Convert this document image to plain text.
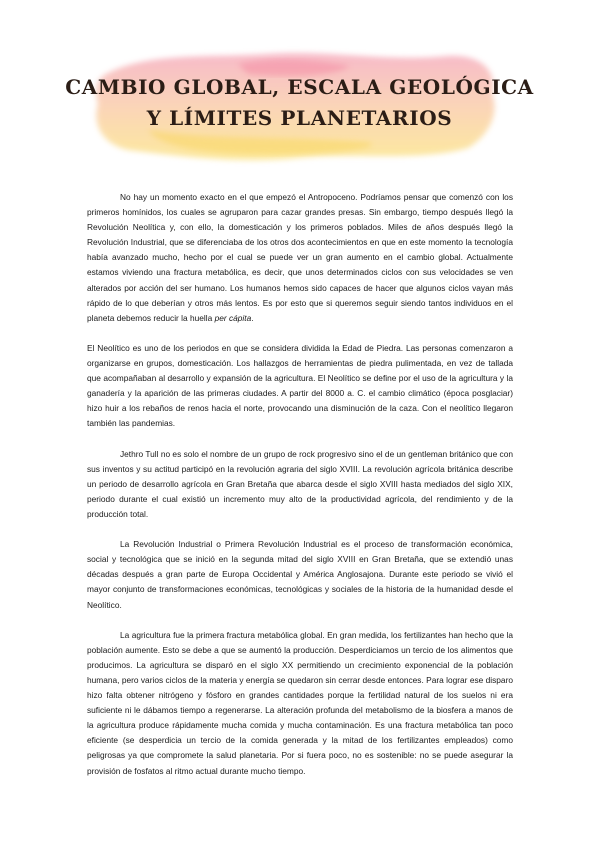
CAMBIO GLOBAL, ESCALA GEOLÓGICA
Y LÍMITES PLANETARIOS

No hay un momento exacto en el que empezó el Antropoceno. Podríamos pensar que comenzó con los primeros homínidos, los cuales se agruparon para cazar grandes presas. Sin embargo, tiempo después llegó la Revolución Neolítica y, con ello, la domesticación y los primeros poblados. Miles de años después llegó la Revolución Industrial, que se diferenciaba de los otros dos acontecimientos en que en este momento la tecnología había avanzado mucho, hecho por el cual se puede ver un gran aumento en el cambio global. Actualmente estamos viviendo una fractura metabólica, es decir, que unos determinados ciclos con sus velocidades se ven alterados por acción del ser humano. Los humanos hemos sido capaces de hacer que algunos ciclos vayan más rápido de lo que deberían y otros más lentos. Es por esto que si queremos seguir siendo tantos individuos en el planeta debemos reducir la huella per cápita.

El Neolítico es uno de los periodos en que se considera dividida la Edad de Piedra. Las personas comenzaron a organizarse en grupos, domesticación. Los hallazgos de herramientas de piedra pulimentada, en vez de tallada que acompañaban al desarrollo y expansión de la agricultura. El Neolítico se define por el uso de la agricultura y la ganadería y la aparición de las primeras ciudades. A partir del 8000 a. C. el cambio climático (época posglaciar) hizo huir a los rebaños de renos hacia el norte, provocando una disminución de la caza. Con el neolítico llegaron también las pandemias.

Jethro Tull no es solo el nombre de un grupo de rock progresivo sino el de un gentleman británico que con sus inventos y su actitud participó en la revolución agraria del siglo XVIII. La revolución agrícola británica describe un periodo de desarrollo agrícola en Gran Bretaña que abarca desde el siglo XVIII hasta mediados del siglo XIX, periodo durante el cual existió un incremento muy alto de la productividad agrícola, del rendimiento y de la producción total.

La Revolución Industrial o Primera Revolución Industrial es el proceso de transformación económica, social y tecnológica que se inició en la segunda mitad del siglo XVIII en Gran Bretaña, que se extendió unas décadas después a gran parte de Europa Occidental y América Anglosajona. Durante este periodo se vivió el mayor conjunto de transformaciones económicas, tecnológicas y sociales de la historia de la humanidad desde el Neolítico.

La agricultura fue la primera fractura metabólica global. En gran medida, los fertilizantes han hecho que la población aumente. Esto se debe a que se aumentó la producción. Desperdiciamos un tercio de los alimentos que producimos. La agricultura se disparó en el siglo XX permitiendo un crecimiento exponencial de la población humana, pero varios ciclos de la materia y energía se quedaron sin cerrar desde entonces. Para lograr ese disparo hizo falta obtener nitrógeno y fósforo en grandes cantidades porque la fertilidad natural de los suelos ni era suficiente ni le dábamos tiempo a regenerarse. La alteración profunda del metabolismo de la biosfera a manos de la agricultura produce rápidamente mucha comida y mucha contaminación. Es una fractura metabólica tan poco eficiente (se desperdicia un tercio de la comida generada y la mitad de los fertilizantes empleados) como peligrosas ya que compromete la salud planetaria. Por si fuera poco, no es sostenible: no se puede asegurar la provisión de fosfatos al ritmo actual durante mucho tiempo.
